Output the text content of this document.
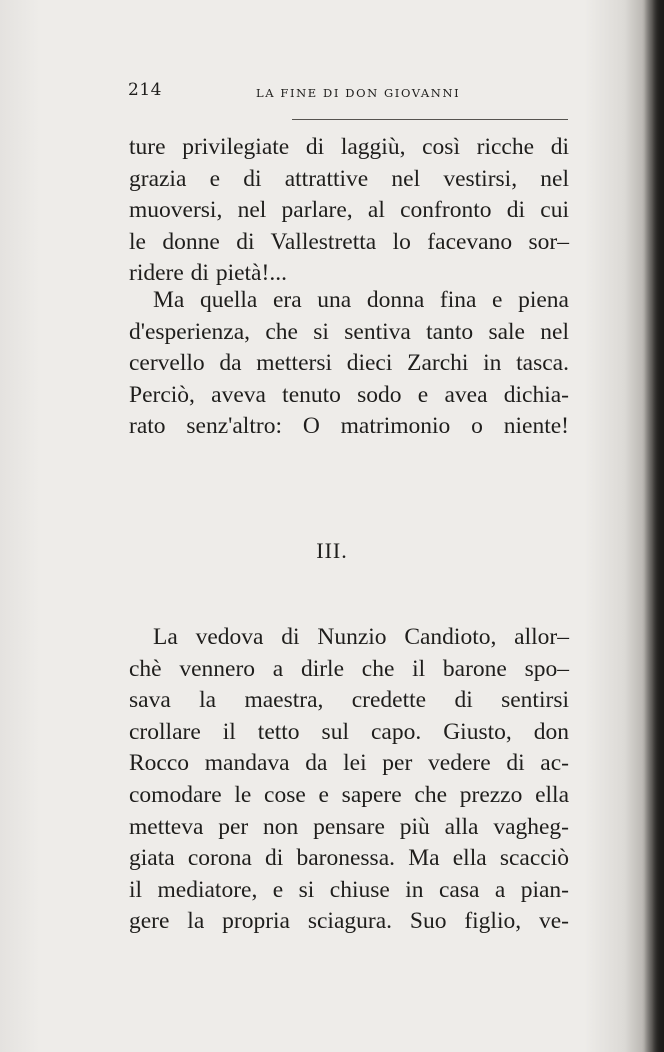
214	LA FINE DI DON GIOVANNI

ture privilegiate di laggiù, così ricche di
grazia e di attrattive nel vestirsi, nel
muoversi, nel parlare, al confronto di cui
le donne di Vallestretta lo facevano sor–
ridere di pietà!...

Ma quella era una donna fina e piena
d'esperienza, che si sentiva tanto sale nel
cervello da mettersi dieci Zarchi in tasca.
Perciò, aveva tenuto sodo e avea dichia-
rato senz'altro: O matrimonio o niente!

III.

La vedova di Nunzio Candioto, allor–
chè vennero a dirle che il barone spo–
sava la maestra, credette di sentirsi
crollare il tetto sul capo. Giusto, don
Rocco mandava da lei per vedere di ac-
comodare le cose e sapere che prezzo ella
metteva per non pensare più alla vagheg-
giata corona di baronessa. Ma ella scacciò
il mediatore, e si chiuse in casa a pian-
gere la propria sciagura. Suo figlio, ve-
